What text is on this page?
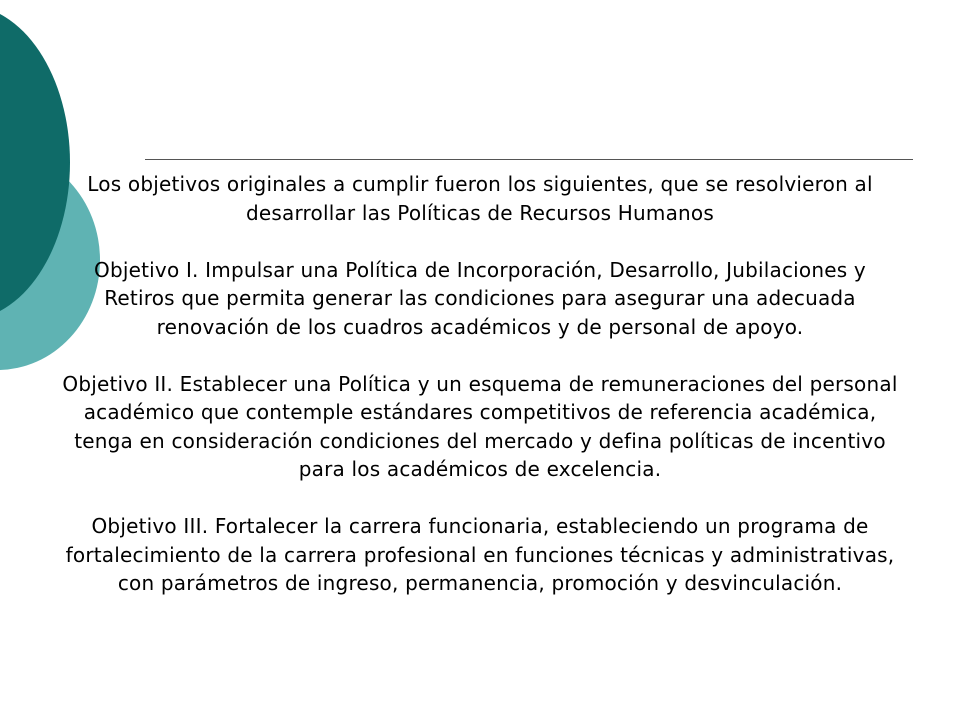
Los objetivos originales a cumplir fueron los siguientes, que se resolvieron al desarrollar las Políticas de Recursos Humanos

Objetivo I. Impulsar una Política de Incorporación, Desarrollo, Jubilaciones y Retiros que permita generar las condiciones para asegurar una adecuada renovación de los cuadros académicos y de personal de apoyo.

Objetivo II. Establecer una Política y un esquema de remuneraciones del personal académico que contemple estándares competitivos de referencia académica, tenga en consideración condiciones del mercado y defina políticas de incentivo para los académicos de excelencia.

Objetivo III. Fortalecer la carrera funcionaria, estableciendo un programa de fortalecimiento de la carrera profesional en funciones técnicas y administrativas, con parámetros de ingreso, permanencia, promoción y desvinculación.
